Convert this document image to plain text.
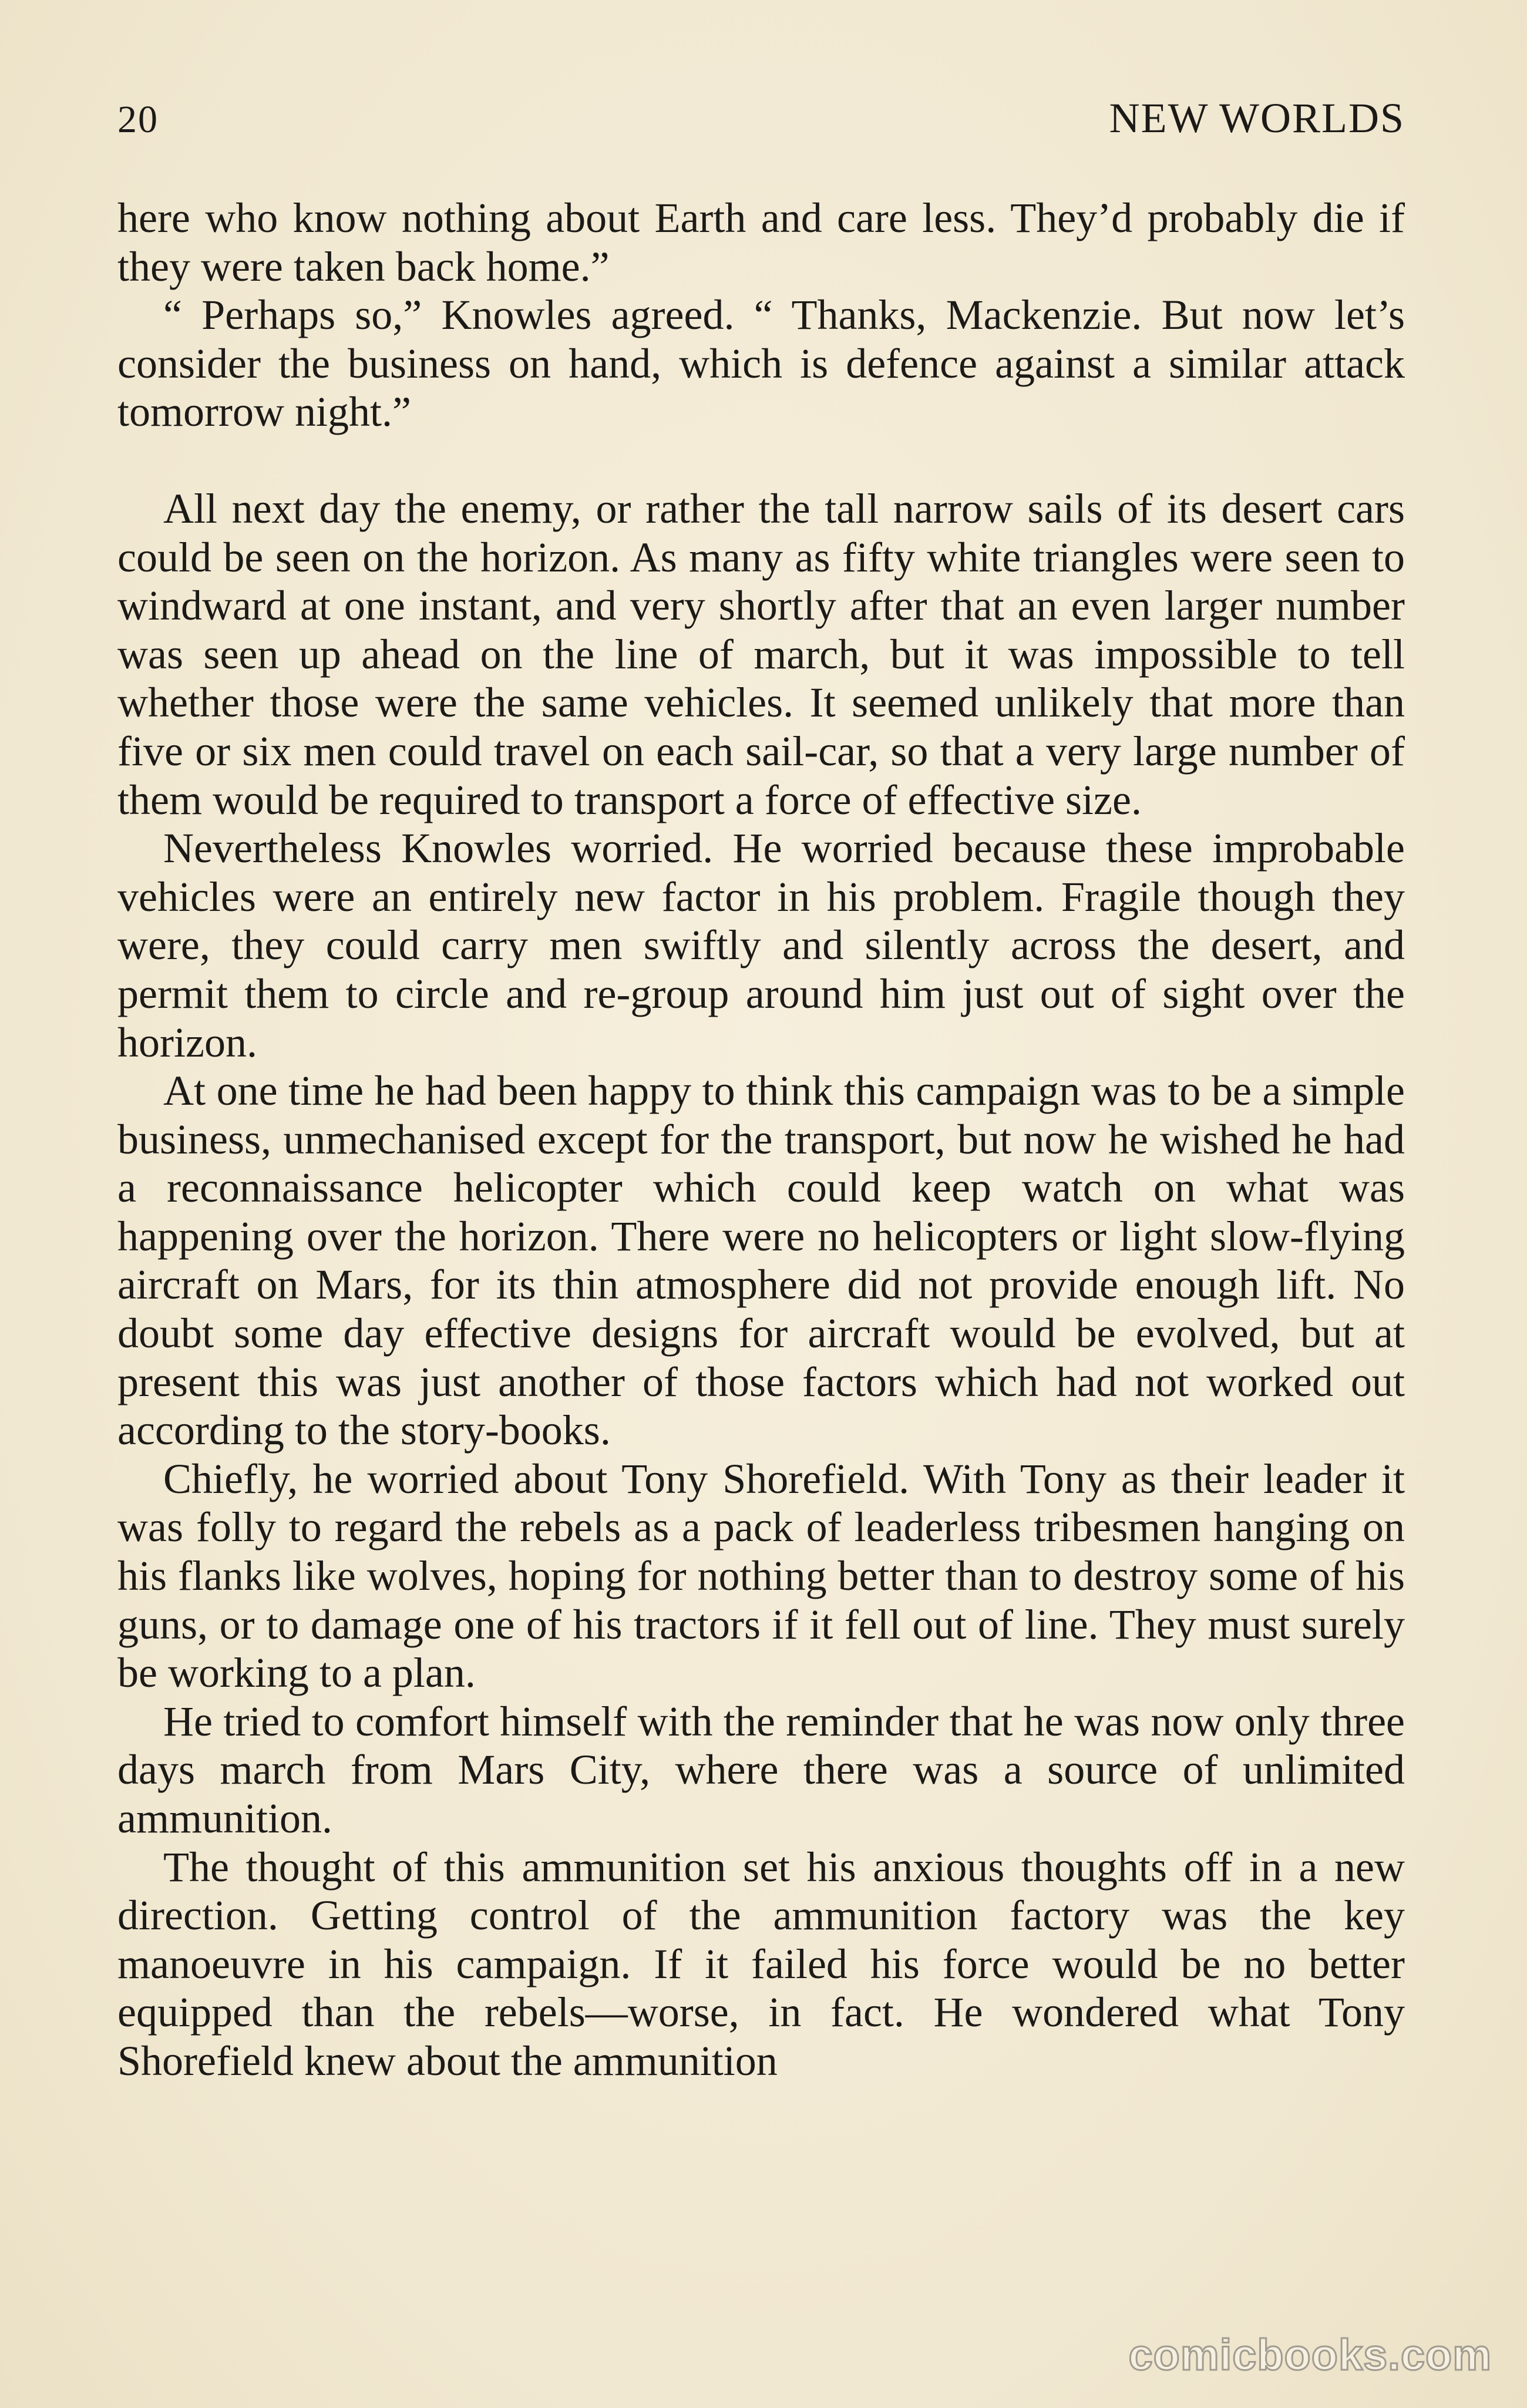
20	NEW WORLDS

here who know nothing about Earth and care less. They’d probably die if they were taken back home.”

“ Perhaps so,” Knowles agreed. “ Thanks, Mackenzie. But now let’s consider the business on hand, which is defence against a similar attack tomorrow night.”

All next day the enemy, or rather the tall narrow sails of its desert cars could be seen on the horizon. As many as fifty white triangles were seen to windward at one instant, and very shortly after that an even larger number was seen up ahead on the line of march, but it was impossible to tell whether those were the same vehicles. It seemed unlikely that more than five or six men could travel on each sail-car, so that a very large number of them would be required to transport a force of effective size.

Nevertheless Knowles worried. He worried because these improbable vehicles were an entirely new factor in his problem. Fragile though they were, they could carry men swiftly and silently across the desert, and permit them to circle and re-group around him just out of sight over the horizon.

At one time he had been happy to think this campaign was to be a simple business, unmechanised except for the transport, but now he wished he had a reconnaissance helicopter which could keep watch on what was happening over the horizon. There were no helicopters or light slow-flying aircraft on Mars, for its thin atmosphere did not provide enough lift. No doubt some day effective designs for aircraft would be evolved, but at present this was just another of those factors which had not worked out according to the story-books.

Chiefly, he worried about Tony Shorefield. With Tony as their leader it was folly to regard the rebels as a pack of leaderless tribesmen hanging on his flanks like wolves, hoping for nothing better than to destroy some of his guns, or to damage one of his tractors if it fell out of line. They must surely be working to a plan.

He tried to comfort himself with the reminder that he was now only three days march from Mars City, where there was a source of unlimited ammunition.

The thought of this ammunition set his anxious thoughts off in a new direction. Getting control of the ammunition factory was the key manoeuvre in his campaign. If it failed his force would be no better equipped than the rebels—worse, in fact. He wondered what Tony Shorefield knew about the ammunition

comicbooks.com
